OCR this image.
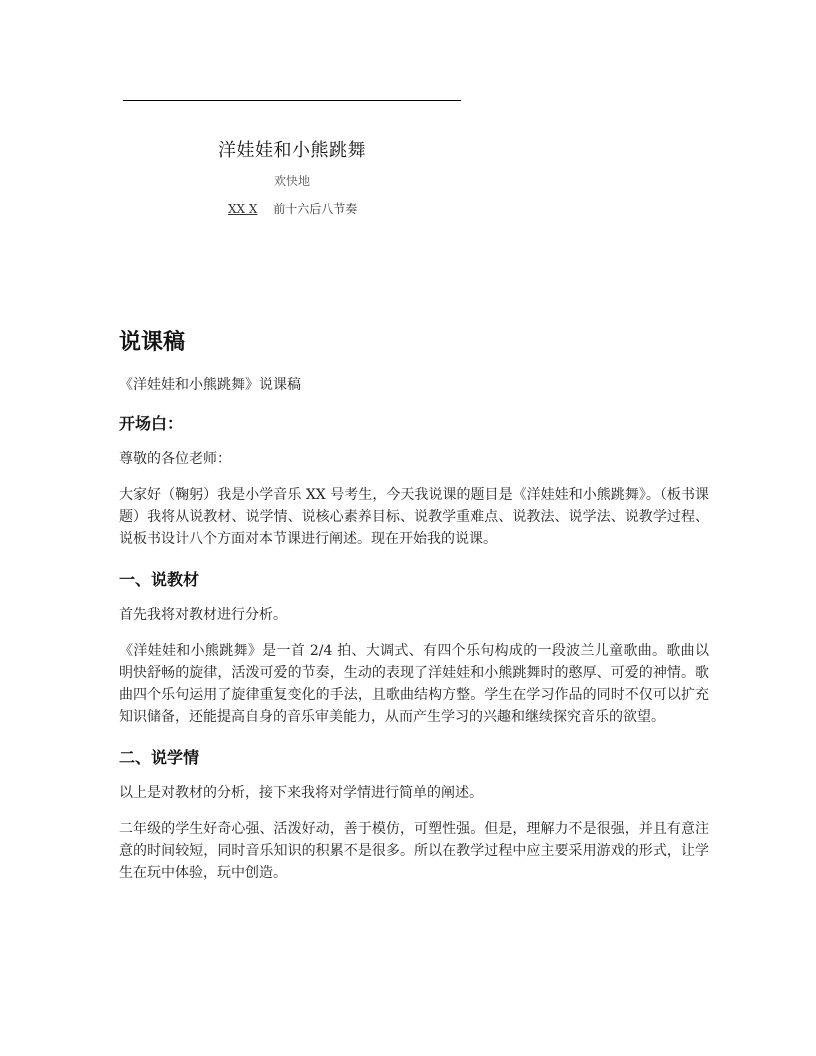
洋娃娃和小熊跳舞
欢快地
XX X 前十六后八节奏
说课稿

《洋娃娃和小熊跳舞》说课稿

开场白：

尊敬的各位老师：

大家好（鞠躬）我是小学音乐 XX 号考生，今天我说课的题目是《洋娃娃和小熊跳舞》。（板书课题）我将从说教材、说学情、说核心素养目标、说教学重难点、说教法、说学法、说教学过程、说板书设计八个方面对本节课进行阐述。现在开始我的说课。

一、说教材

首先我将对教材进行分析。

《洋娃娃和小熊跳舞》是一首 2/4 拍、大调式、有四个乐句构成的一段波兰儿童歌曲。歌曲以明快舒畅的旋律，活泼可爱的节奏，生动的表现了洋娃娃和小熊跳舞时的憨厚、可爱的神情。歌曲四个乐句运用了旋律重复变化的手法，且歌曲结构方整。学生在学习作品的同时不仅可以扩充知识储备，还能提高自身的音乐审美能力，从而产生学习的兴趣和继续探究音乐的欲望。

二、说学情

以上是对教材的分析，接下来我将对学情进行简单的阐述。

二年级的学生好奇心强、活泼好动，善于模仿，可塑性强。但是，理解力不是很强，并且有意注意的时间较短，同时音乐知识的积累不是很多。所以在教学过程中应主要采用游戏的形式，让学生在玩中体验，玩中创造。
